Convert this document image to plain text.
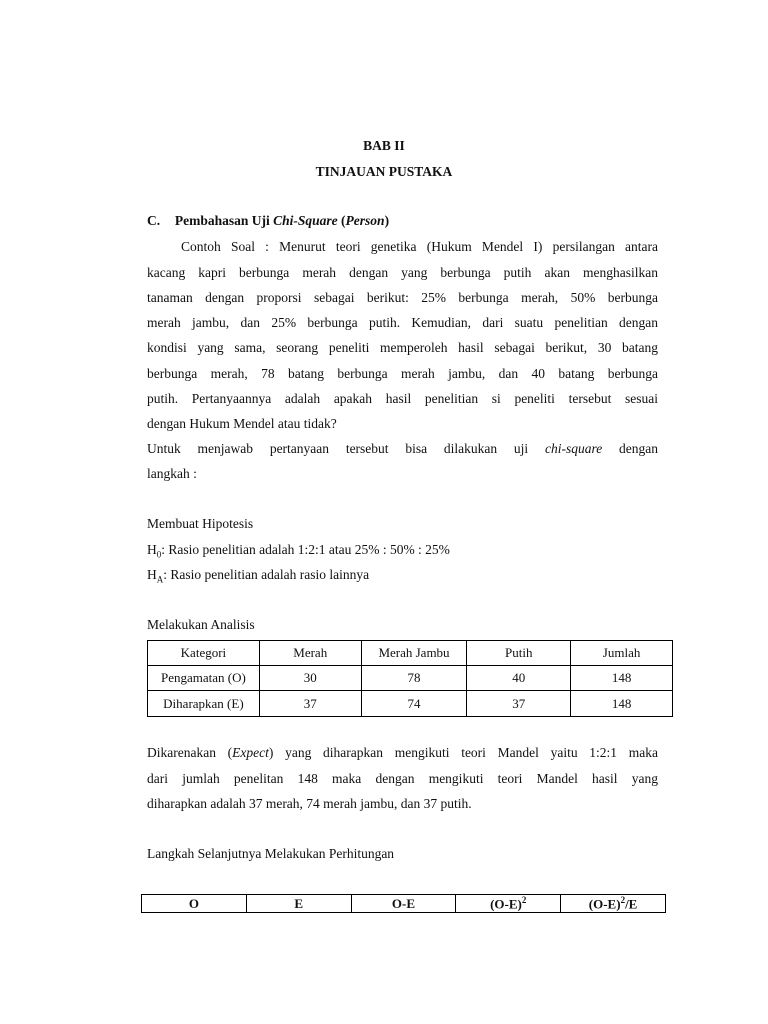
BAB II
TINJAUAN PUSTAKA
C. Pembahasan Uji Chi-Square (Person)
Contoh Soal : Menurut teori genetika (Hukum Mendel I) persilangan antara
kacang kapri berbunga merah dengan yang berbunga putih akan menghasilkan
tanaman dengan proporsi sebagai berikut: 25% berbunga merah, 50% berbunga
merah jambu, dan 25% berbunga putih. Kemudian, dari suatu penelitian dengan
kondisi yang sama, seorang peneliti memperoleh hasil sebagai berikut, 30 batang
berbunga merah, 78 batang berbunga merah jambu, dan 40 batang berbunga
putih. Pertanyaannya adalah apakah hasil penelitian si peneliti tersebut sesuai
dengan Hukum Mendel atau tidak?
Untuk menjawab pertanyaan tersebut bisa dilakukan uji chi-square dengan
langkah :
Membuat Hipotesis
$H_0$: Rasio penelitian adalah 1:2:1 atau 25% : 50% : 25%
$H_A$: Rasio penelitian adalah rasio lainnya
Melakukan Analisis
Kategori	Merah	Merah Jambu	Putih	Jumlah
Pengamatan (O)	30	78	40	148
Diharapkan (E)	37	74	37	148
Dikarenakan (Expect) yang diharapkan mengikuti teori Mandel yaitu 1:2:1 maka
dari jumlah penelitan 148 maka dengan mengikuti teori Mandel hasil yang
diharapkan adalah 37 merah, 74 merah jambu, dan 37 putih.
Langkah Selanjutnya Melakukan Perhitungan
O	E	O-E	$(O-E)^2$	$(O-E)^2/E$
